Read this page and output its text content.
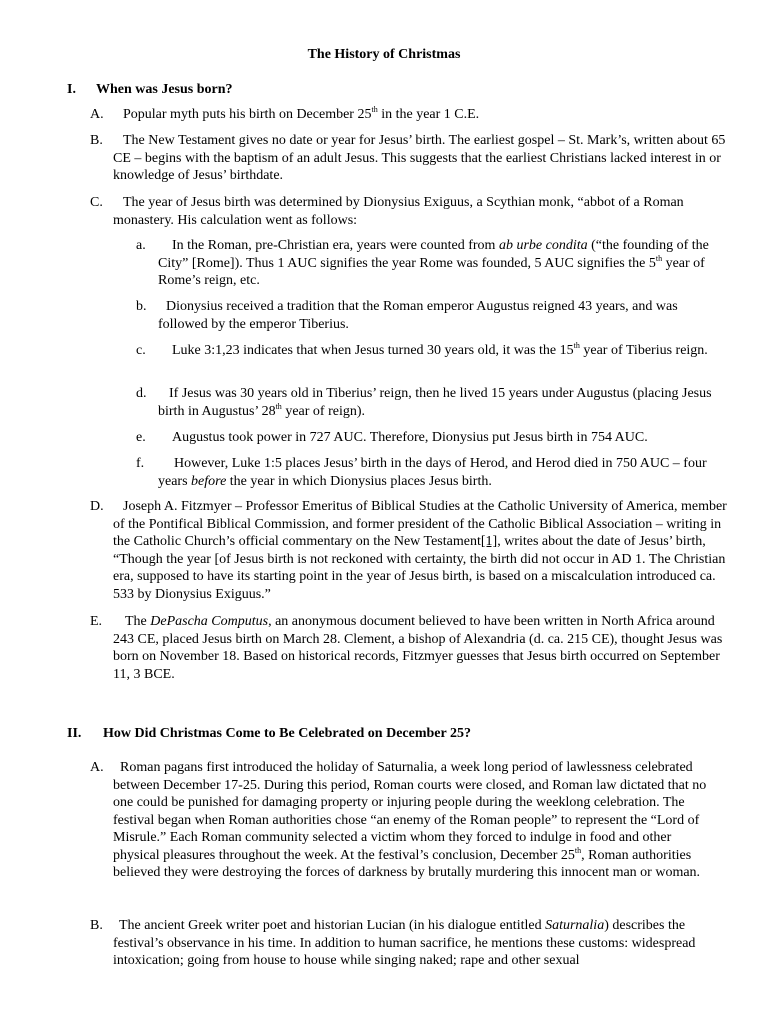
The History of Christmas
I. When was Jesus born?
A. Popular myth puts his birth on December 25th in the year 1 C.E.
B.	The New Testament gives no date or year for Jesus’ birth. The earliest gospel – St. Mark’s, written about 65 CE – begins with the baptism of an adult Jesus. This suggests that the earliest Christians lacked interest in or knowledge of Jesus’ birthdate.
C.	The year of Jesus birth was determined by Dionysius Exiguus, a Scythian monk, “abbot of a Roman monastery. His calculation went as follows:
a.	In the Roman, pre-Christian era, years were counted from ab urbe condita (“the founding of the City” [Rome]). Thus 1 AUC signifies the year Rome was founded, 5 AUC signifies the 5th year of Rome’s reign, etc.
b.	Dionysius received a tradition that the Roman emperor Augustus reigned 43 years, and was followed by the emperor Tiberius.
c.	Luke 3:1,23 indicates that when Jesus turned 30 years old, it was the 15th year of Tiberius reign.
d.	If Jesus was 30 years old in Tiberius’ reign, then he lived 15 years under Augustus (placing Jesus birth in Augustus’ 28th year of reign).
e.	Augustus took power in 727 AUC. Therefore, Dionysius put Jesus birth in 754 AUC.
f.	However, Luke 1:5 places Jesus’ birth in the days of Herod, and Herod died in 750 AUC – four years before the year in which Dionysius places Jesus birth.
D.	Joseph A. Fitzmyer – Professor Emeritus of Biblical Studies at the Catholic University of America, member of the Pontifical Biblical Commission, and former president of the Catholic Biblical Association – writing in the Catholic Church’s official commentary on the New Testament[1], writes about the date of Jesus’ birth, “Though the year [of Jesus birth is not reckoned with certainty, the birth did not occur in AD 1. The Christian era, supposed to have its starting point in the year of Jesus birth, is based on a miscalculation introduced ca. 533 by Dionysius Exiguus.”
E.	The DePascha Computus, an anonymous document believed to have been written in North Africa around 243 CE, placed Jesus birth on March 28. Clement, a bishop of Alexandria (d. ca. 215 CE), thought Jesus was born on November 18. Based on historical records, Fitzmyer guesses that Jesus birth occurred on September 11, 3 BCE.
II. How Did Christmas Come to Be Celebrated on December 25?
A.	Roman pagans first introduced the holiday of Saturnalia, a week long period of lawlessness celebrated between December 17-25. During this period, Roman courts were closed, and Roman law dictated that no one could be punished for damaging property or injuring people during the weeklong celebration. The festival began when Roman authorities chose “an enemy of the Roman people” to represent the “Lord of Misrule.” Each Roman community selected a victim whom they forced to indulge in food and other physical pleasures throughout the week. At the festival’s conclusion, December 25th, Roman authorities believed they were destroying the forces of darkness by brutally murdering this innocent man or woman.
B.	The ancient Greek writer poet and historian Lucian (in his dialogue entitled Saturnalia) describes the festival’s observance in his time. In addition to human sacrifice, he mentions these customs: widespread intoxication; going from house to house while singing naked; rape and other sexual
